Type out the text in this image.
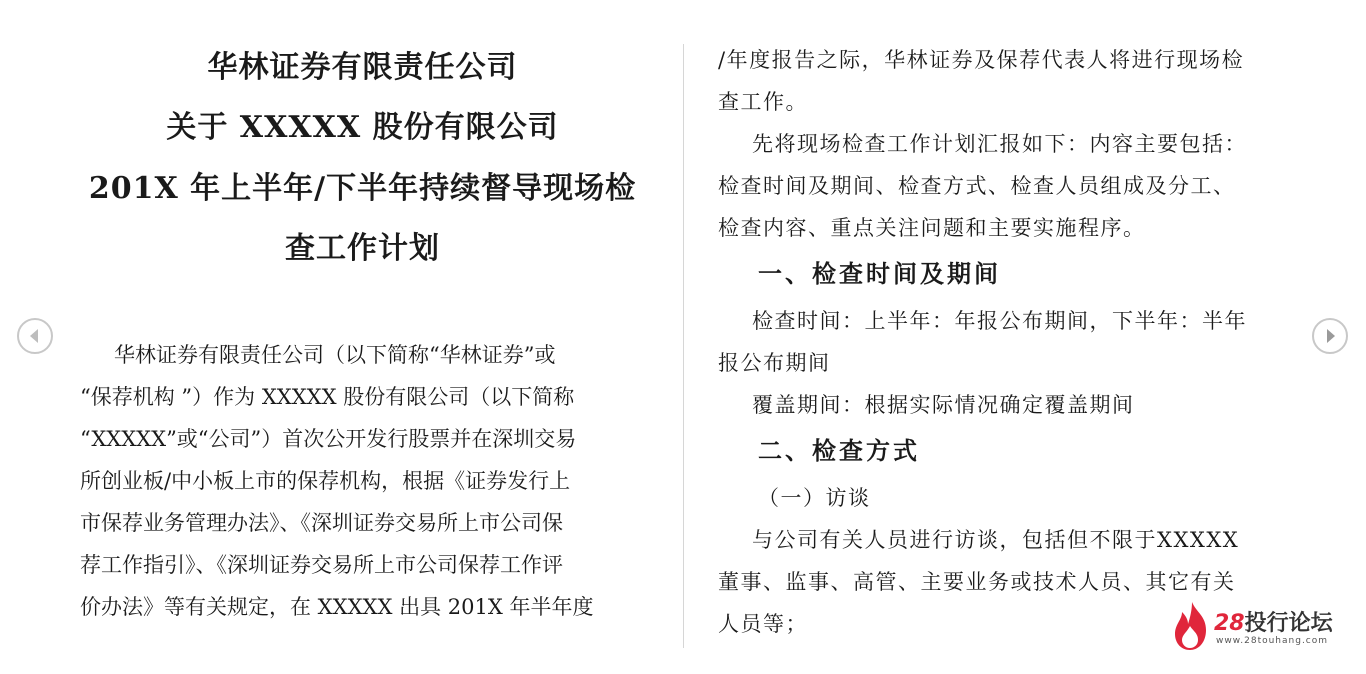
华林证券有限责任公司
关于 XXXXX 股份有限公司
201X 年上半年/下半年持续督导现场检
查工作计划
华林证券有限责任公司（以下简称“华林证券”或
“保荐机构 ”）作为 XXXXX 股份有限公司（以下简称
“XXXXX”或“公司”）首次公开发行股票并在深圳交易
所创业板/中小板上市的保荐机构，根据《证券发行上
市保荐业务管理办法》、《深圳证券交易所上市公司保
荐工作指引》、《深圳证券交易所上市公司保荐工作评
价办法》等有关规定，在 XXXXX 出具 201X 年半年度
/年度报告之际，华林证券及保荐代表人将进行现场检
查工作。
先将现场检查工作计划汇报如下：内容主要包括：
检查时间及期间、检查方式、检查人员组成及分工、
检查内容、重点关注问题和主要实施程序。
一、检查时间及期间
检查时间：上半年：年报公布期间，下半年：半年
报公布期间
覆盖期间：根据实际情况确定覆盖期间
二、检查方式
（一）访谈
与公司有关人员进行访谈，包括但不限于XXXXX
董事、监事、高管、主要业务或技术人员、其它有关
人员等；	28投行论坛
www.28touhang.com
